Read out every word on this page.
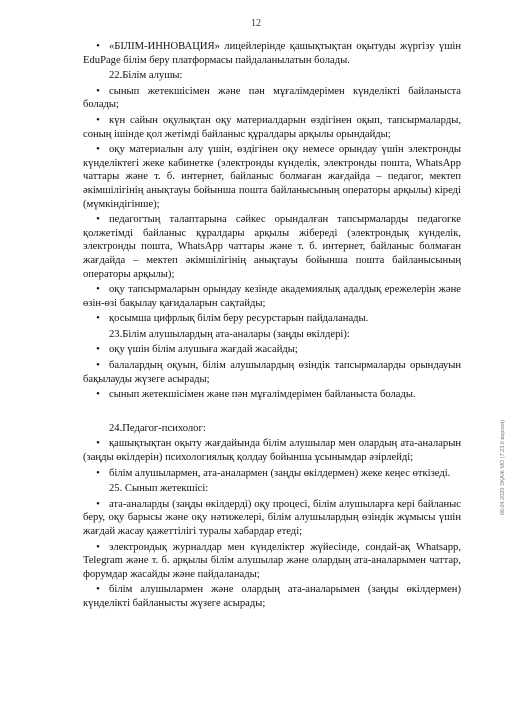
12

• «БІЛІМ-ИННОВАЦИЯ» лицейлерінде қашықтықтан оқытуды жүргізу үшін EduPage білім беру платформасы пайдаланылатын болады.

22.Білім алушы:

• сынып жетекшісімен және пән мұғалімдерімен күнделікті байланыста болады;

• күн сайын оқулықтан оқу материалдарын өздігінен оқып, тапсырмаларды, соның ішінде қол жетімді байланыс құралдары арқылы орындайды;

• оқу материалын алу үшін, өздігінен оқу немесе орындау үшін электронды күнделіктегі жеке кабинетке (электронды күнделік, электронды пошта, WhatsApp чаттары және т. б. интернет, байланыс болмаған жағдайда – педагог, мектеп әкімшілігінің анықтауы бойынша пошта байланысының операторы арқылы) кіреді (мүмкіндігінше);

• педагогтың талаптарына сәйкес орындалған тапсырмаларды педагогке қолжетімді байланыс құралдары арқылы жібереді (электрондық күнделік, электронды пошта, WhatsApp чаттары және т. б. интернет, байланыс болмаған жағдайда – мектеп әкімшілігінің анықтауы бойынша пошта байланысының операторы арқылы);

• оқу тапсырмаларын орындау кезінде академиялық адалдық ережелерін және өзін-өзі бақылау қағидаларын сақтайды;

• қосымша цифрлық білім беру ресурстарын пайдаланады.

23.Білім алушылардың ата-аналары (заңды өкілдері):

• оқу үшін білім алушыға жағдай жасайды;

• балалардың оқуын, білім алушылардың өзіндік тапсырмаларды орындауын бақылауды жүзеге асырады;

• сынып жетекшісімен және пән мұғалімдерімен байланыста болады.

24.Педагог-психолог:

• қашықтықтан оқыту жағдайында білім алушылар мен олардың ата-аналарын (заңды өкілдерін) психологиялық қолдау бойынша ұсынымдар әзірлейді;

• білім алушылармен, ата-аналармен (заңды өкілдермен) жеке кеңес өткізеді.

25. Сынып жетекшісі:

• ата-аналарды (заңды өкілдерді) оқу процесі, білім алушыларға кері байланыс беру, оқу барысы және оқу нәтижелері, білім алушылардың өзіндік жұмысы үшін жағдай жасау қажеттілігі туралы хабардар етеді;

• электрондық журналдар мен күнделіктер жүйесінде, сондай-ақ Whatsapp, Telegram және т. б. арқылы білім алушылар және олардың ата-аналарымен чаттар, форумдар жасайды және пайдаланады;

• білім алушылармен және олардың ата-аналарымен (заңды өкілдермен) күнделікті байланысты жүзеге асырады;

08.04.2020 ЭҚАЖ МО (7.23.0 версия)
